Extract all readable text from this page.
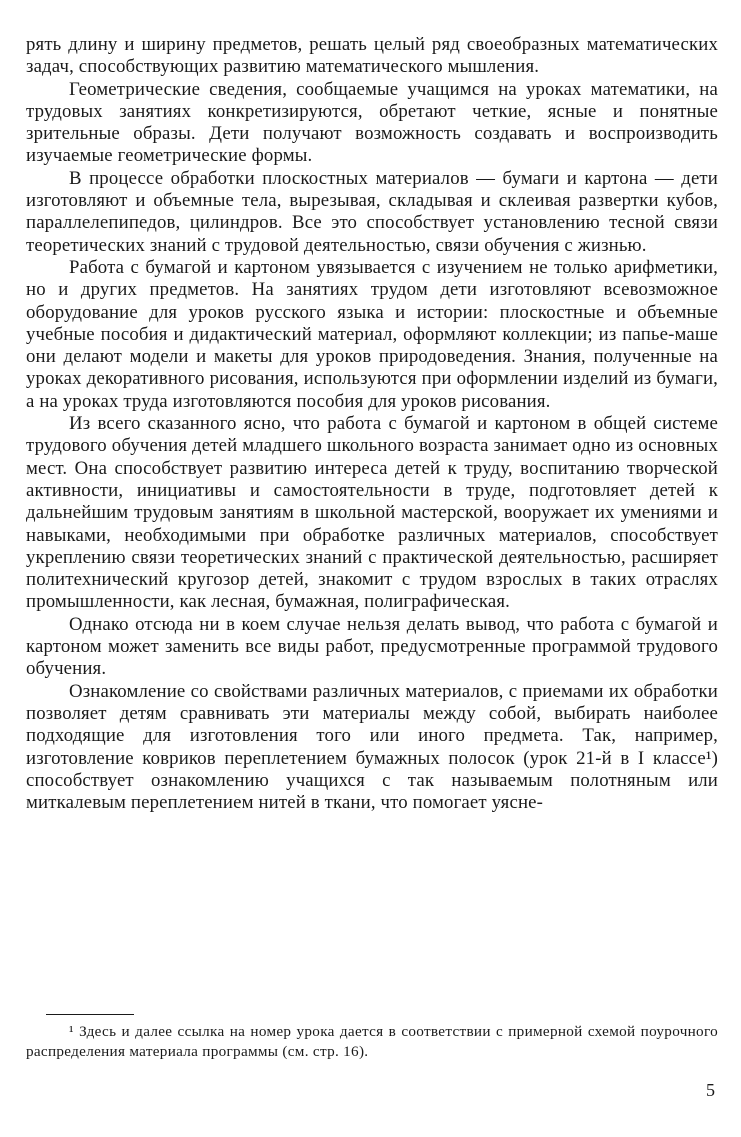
рять длину и ширину предметов, решать целый ряд своеобразных математических задач, способствующих развитию математического мышления.

Геометрические сведения, сообщаемые учащимся на уроках математики, на трудовых занятиях конкретизируются, обретают четкие, ясные и понятные зрительные образы. Дети получают возможность создавать и воспроизводить изучаемые геометрические формы.

В процессе обработки плоскостных материалов — бумаги и картона — дети изготовляют и объемные тела, вырезывая, складывая и склеивая развертки кубов, параллелепипедов, цилиндров. Все это способствует установлению тесной связи теоретических знаний с трудовой деятельностью, связи обучения с жизнью.

Работа с бумагой и картоном увязывается с изучением не только арифметики, но и других предметов. На занятиях трудом дети изготовляют всевозможное оборудование для уроков русского языка и истории: плоскостные и объемные учебные пособия и дидактический материал, оформляют коллекции; из папье-маше они делают модели и макеты для уроков природоведения. Знания, полученные на уроках декоративного рисования, используются при оформлении изделий из бумаги, а на уроках труда изготовляются пособия для уроков рисования.

Из всего сказанного ясно, что работа с бумагой и картоном в общей системе трудового обучения детей младшего школьного возраста занимает одно из основных мест. Она способствует развитию интереса детей к труду, воспитанию творческой активности, инициативы и самостоятельности в труде, подготовляет детей к дальнейшим трудовым занятиям в школьной мастерской, вооружает их умениями и навыками, необходимыми при обработке различных материалов, способствует укреплению связи теоретических знаний с практической деятельностью, расширяет политехнический кругозор детей, знакомит с трудом взрослых в таких отраслях промышленности, как лесная, бумажная, полиграфическая.

Однако отсюда ни в коем случае нельзя делать вывод, что работа с бумагой и картоном может заменить все виды работ, предусмотренные программой трудового обучения.

Ознакомление со свойствами различных материалов, с приемами их обработки позволяет детям сравнивать эти материалы между собой, выбирать наиболее подходящие для изготовления того или иного предмета. Так, например, изготовление ковриков переплетением бумажных полосок (урок 21-й в I классе¹) способствует ознакомлению учащихся с так называемым полотняным или миткалевым переплетением нитей в ткани, что помогает уясне-

¹ Здесь и далее ссылка на номер урока дается в соответствии с примерной схемой поурочного распределения материала программы (см. стр. 16).

5
